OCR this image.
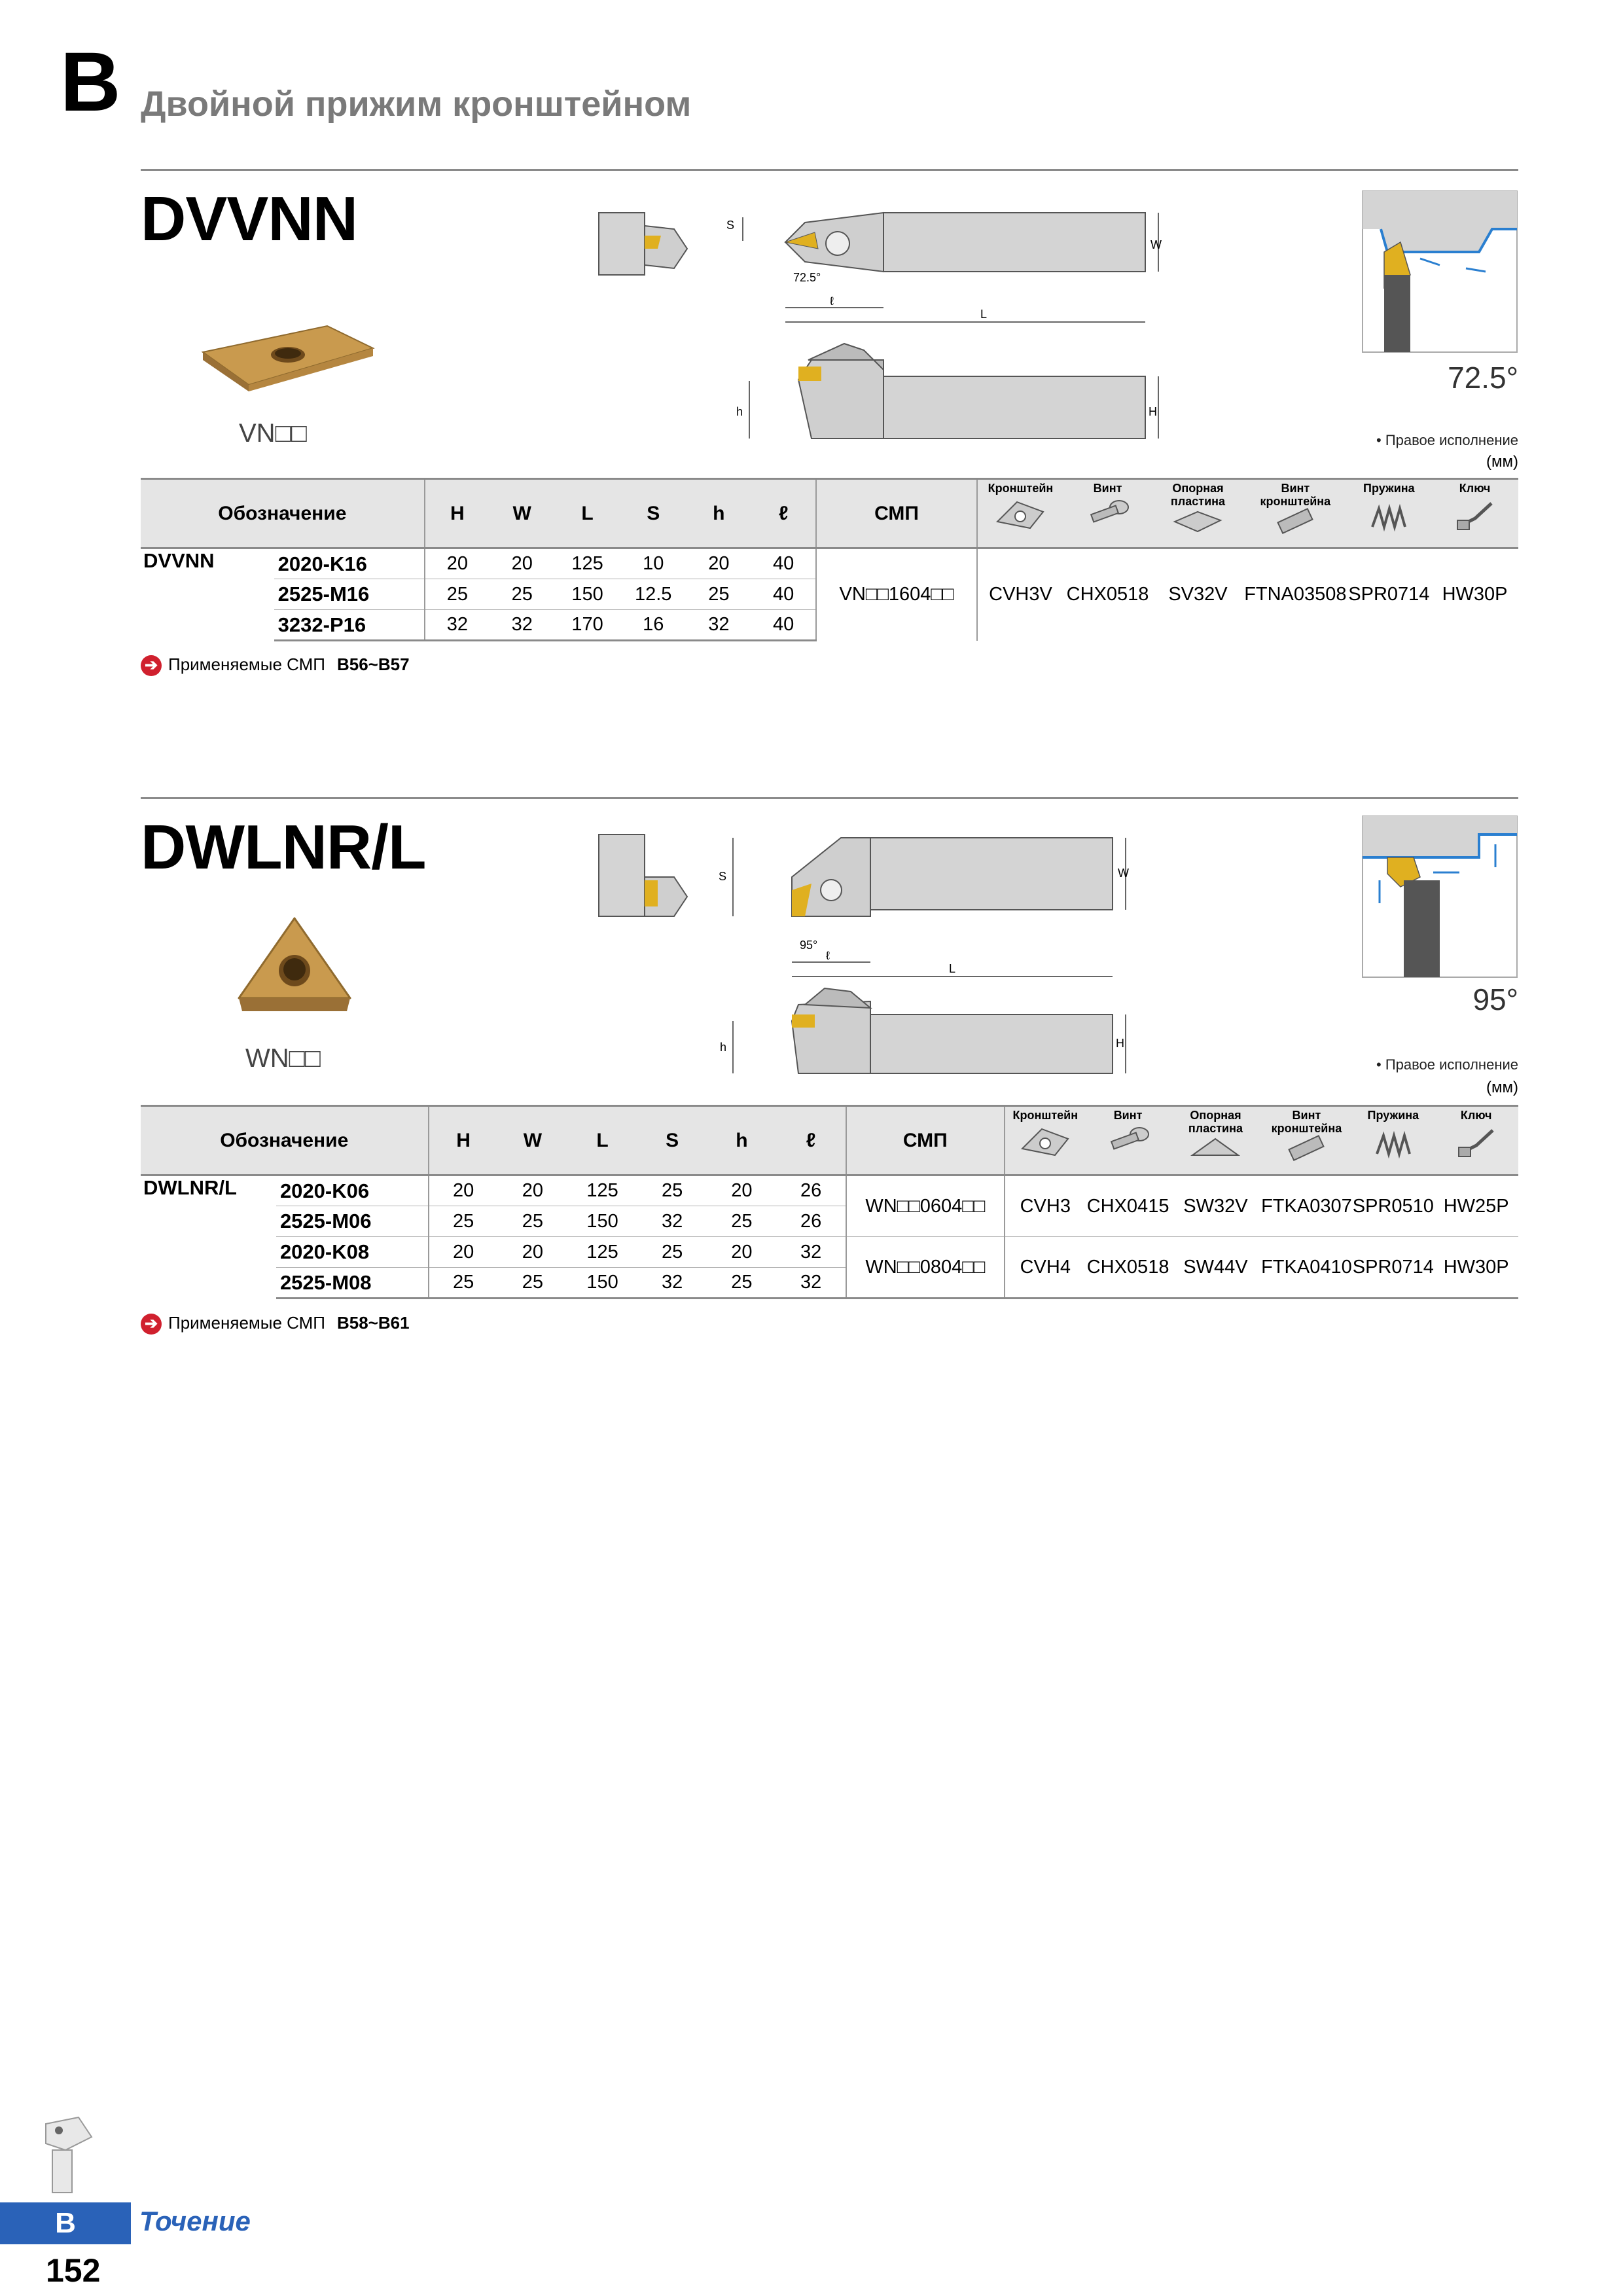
B Двойной прижим кронштейном
DVVNN
VN□□
S
W
72.5°
ℓ
L
h	H
72.5°
• Правое исполнение
(мм)
Обозначение		H	W	L	S	h	ℓ	СМП	Кронштейн	Винт	Опорная пластина	Винт кронштейна	Пружина	Ключ

DVVNN	2020-K16	20	20	125	10	20	40	VN□□1604□□	CVH3V	CHX0518	SV32V	FTNA03508	SPR0714	HW30P
	2525-M16	25	25	150	12.5	25	40							
	3232-P16	32	32	170	16	32	40							
➔ Применяемые СМП B56~B57
DWLNR/L
WN□□
S	W
95°
ℓ
L
h	H
95°
• Правое исполнение
(мм)
Обозначение		H	W	L	S	h	ℓ	СМП	Кронштейн	Винт	Опорная пластина	Винт кронштейна	Пружина	Ключ

DWLNR/L	2020-K06	20	20	125	25	20	26	WN□□0604□□	CVH3	CHX0415	SW32V	FTKA0307	SPR0510	HW25P
	2525-M06	25	25	150	32	25	26							
	2020-K08	20	20	125	25	20	32	WN□□0804□□	CVH4	CHX0518	SW44V	FTKA0410	SPR0714	HW30P
	2525-M08	25	25	150	32	25	32							
➔ Применяемые СМП B58~B61
B	Точение
152
